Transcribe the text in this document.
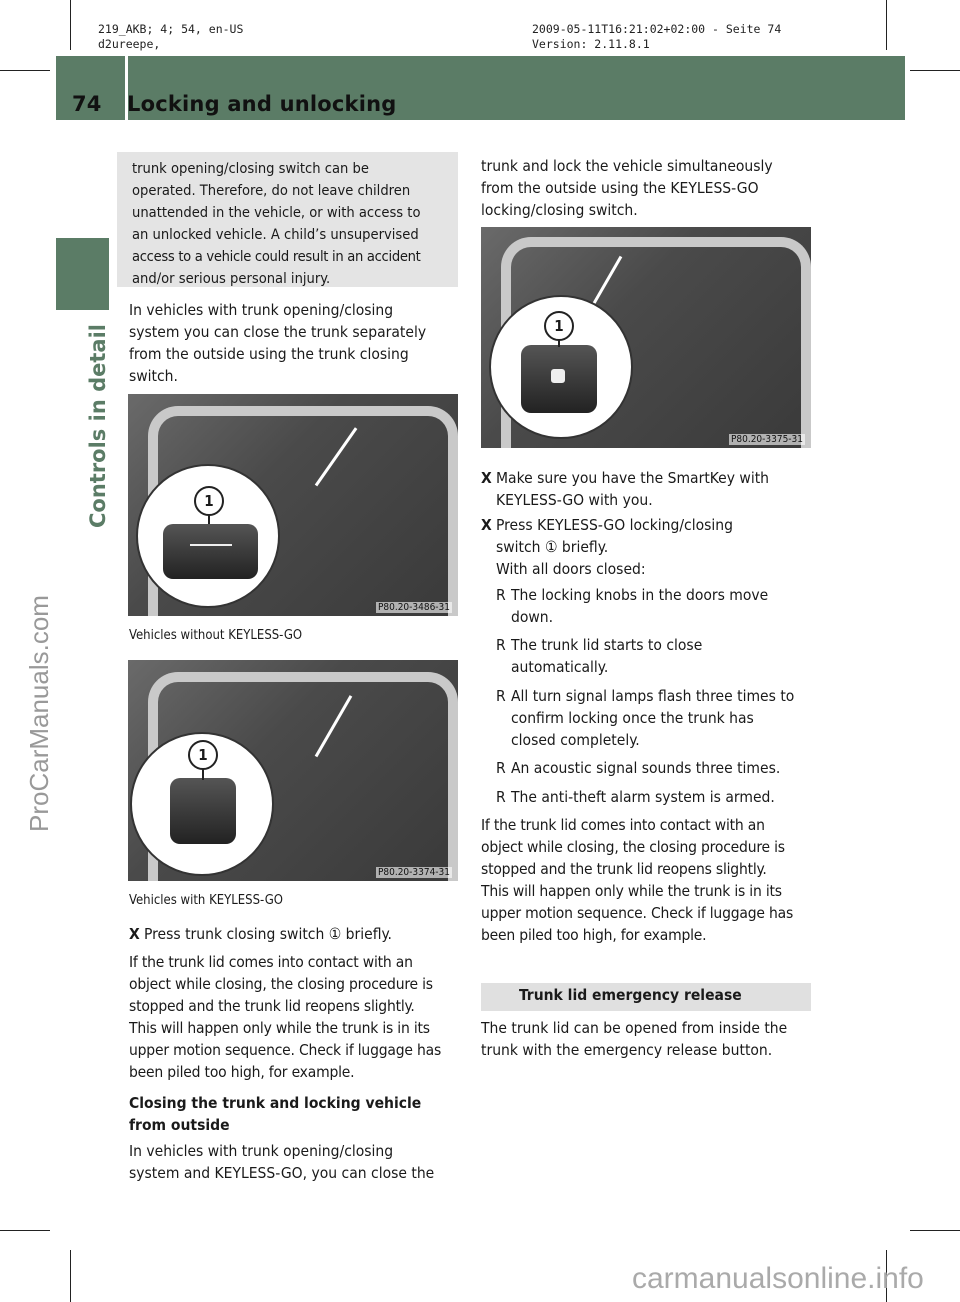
219_AKB; 4; 54, en-US
d2ureepe,
2009-05-11T16:21:02+02:00 - Seite 74
Version: 2.11.8.1
74 Locking and unlocking
Controls in detail
ProCarManuals.com

trunk opening/closing switch can be
operated. Therefore, do not leave children
unattended in the vehicle, or with access to
an unlocked vehicle. A child’s unsupervised
access to a vehicle could result in an accident
and/or serious personal injury.

In vehicles with trunk opening/closing
system you can close the trunk separately
from the outside using the trunk closing
switch.
1
P80.20-3486-31
Vehicles without KEYLESS-GO
1
P80.20-3374-31
Vehicles with KEYLESS-GO
X Press trunk closing switch ① briefly.
If the trunk lid comes into contact with an
object while closing, the closing procedure is
stopped and the trunk lid reopens slightly.
This will happen only while the trunk is in its
upper motion sequence. Check if luggage has
been piled too high, for example.
Closing the trunk and locking vehicle
from outside
In vehicles with trunk opening/closing
system and KEYLESS-GO, you can close the
trunk and lock the vehicle simultaneously
from the outside using the KEYLESS-GO
locking/closing switch.
1
P80.20-3375-31
X Make sure you have the SmartKey with
KEYLESS-GO with you.
X Press KEYLESS-GO locking/closing
switch ① briefly.
With all doors closed:
R The locking knobs in the doors move
down.
R The trunk lid starts to close
automatically.
R All turn signal lamps flash three times to
confirm locking once the trunk has
closed completely.
R An acoustic signal sounds three times.
R The anti-theft alarm system is armed.
If the trunk lid comes into contact with an
object while closing, the closing procedure is
stopped and the trunk lid reopens slightly.
This will happen only while the trunk is in its
upper motion sequence. Check if luggage has
been piled too high, for example.
Trunk lid emergency release
The trunk lid can be opened from inside the
trunk with the emergency release button.
carmanualsonline.info
